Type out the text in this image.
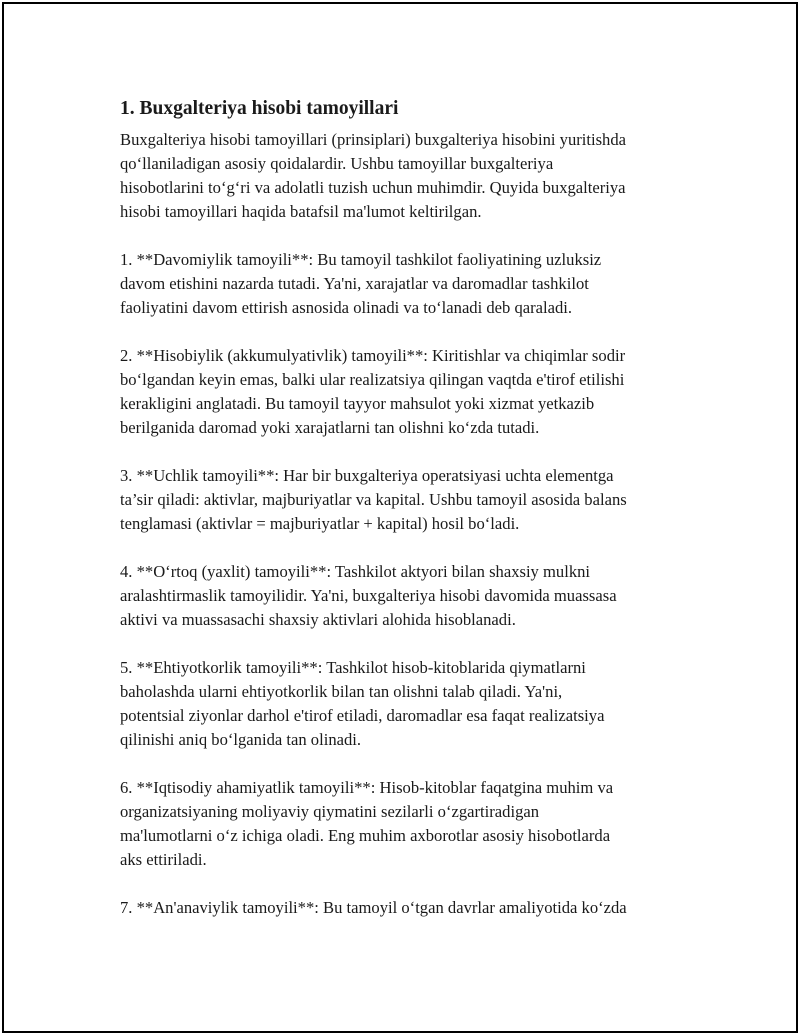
1. Buxgalteriya hisobi tamoyillari

Buxgalteriya hisobi tamoyillari (prinsiplari) buxgalteriya hisobini yuritishda
qo‘llaniladigan asosiy qoidalardir. Ushbu tamoyillar buxgalteriya
hisobotlarini to‘g‘ri va adolatli tuzish uchun muhimdir. Quyida buxgalteriya
hisobi tamoyillari haqida batafsil ma'lumot keltirilgan.

1. **Davomiylik tamoyili**: Bu tamoyil tashkilot faoliyatining uzluksiz
davom etishini nazarda tutadi. Ya'ni, xarajatlar va daromadlar tashkilot
faoliyatini davom ettirish asnosida olinadi va to‘lanadi deb qaraladi.

2. **Hisobiylik (akkumulyativlik) tamoyili**: Kiritishlar va chiqimlar sodir
bo‘lgandan keyin emas, balki ular realizatsiya qilingan vaqtda e'tirof etilishi
kerakligini anglatadi. Bu tamoyil tayyor mahsulot yoki xizmat yetkazib
berilganida daromad yoki xarajatlarni tan olishni ko‘zda tutadi.

3. **Uchlik tamoyili**: Har bir buxgalteriya operatsiyasi uchta elementga
ta’sir qiladi: aktivlar, majburiyatlar va kapital. Ushbu tamoyil asosida balans
tenglamasi (aktivlar = majburiyatlar + kapital) hosil bo‘ladi.

4. **O‘rtoq (yaxlit) tamoyili**: Tashkilot aktyori bilan shaxsiy mulkni
aralashtirmaslik tamoyilidir. Ya'ni, buxgalteriya hisobi davomida muassasa
aktivi va muassasachi shaxsiy aktivlari alohida hisoblanadi.

5. **Ehtiyotkorlik tamoyili**: Tashkilot hisob-kitoblarida qiymatlarni
baholashda ularni ehtiyotkorlik bilan tan olishni talab qiladi. Ya'ni,
potentsial ziyonlar darhol e'tirof etiladi, daromadlar esa faqat realizatsiya
qilinishi aniq bo‘lganida tan olinadi.

6. **Iqtisodiy ahamiyatlik tamoyili**: Hisob-kitoblar faqatgina muhim va
organizatsiyaning moliyaviy qiymatini sezilarli o‘zgartiradigan
ma'lumotlarni o‘z ichiga oladi. Eng muhim axborotlar asosiy hisobotlarda
aks ettiriladi.

7. **An'anaviylik tamoyili**: Bu tamoyil o‘tgan davrlar amaliyotida ko‘zda
